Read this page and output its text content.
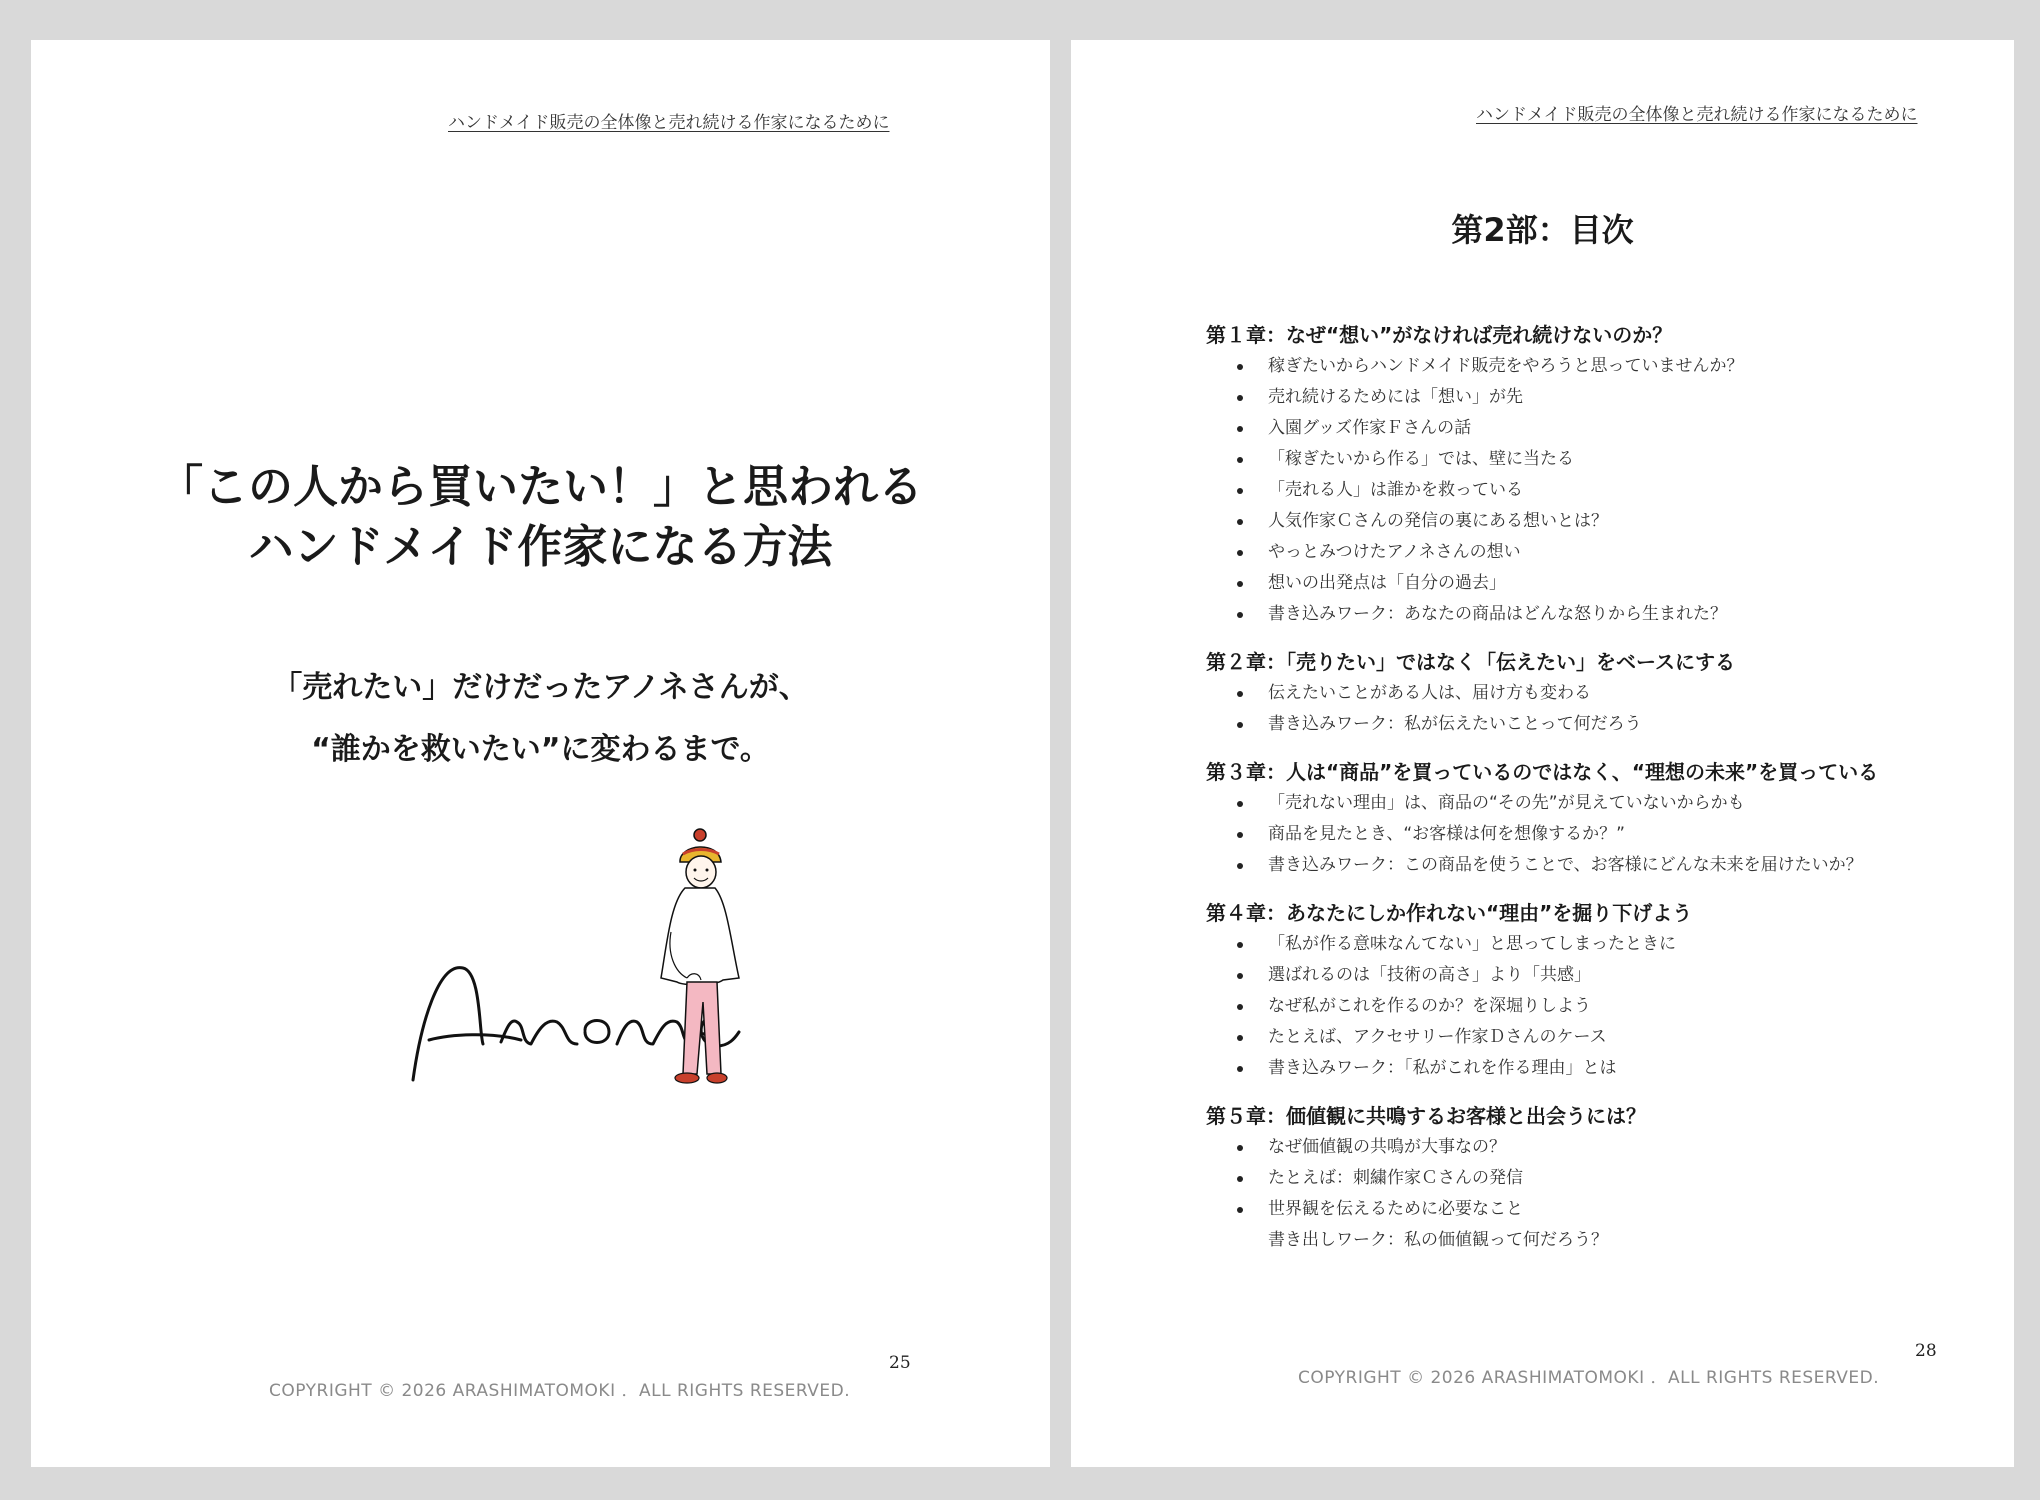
ハンドメイド販売の全体像と売れ続ける作家になるために
「この人から買いたい！」と思われる
ハンドメイド作家になる方法
「売れたい」だけだったアノネさんが、
“誰かを救いたい”に変わるまで。
25
COPYRIGHT © 2026 ARASHIMATOMOKI ．ALL RIGHTS RESERVED.
ハンドメイド販売の全体像と売れ続ける作家になるために
第2部：目次
第１章：なぜ“想い”がなければ売れ続けないのか？
稼ぎたいからハンドメイド販売をやろうと思っていませんか？
売れ続けるためには「想い」が先
入園グッズ作家Ｆさんの話
「稼ぎたいから作る」では、壁に当たる
「売れる人」は誰かを救っている
人気作家Ｃさんの発信の裏にある想いとは？
やっとみつけたアノネさんの想い
想いの出発点は「自分の過去」
書き込みワーク：あなたの商品はどんな怒りから生まれた？
第２章：「売りたい」ではなく「伝えたい」をベースにする
伝えたいことがある人は、届け方も変わる
書き込みワーク：私が伝えたいことって何だろう
第３章：人は“商品”を買っているのではなく、“理想の未来”を買っている
「売れない理由」は、商品の“その先”が見えていないからかも
商品を見たとき、“お客様は何を想像するか？”
書き込みワーク：この商品を使うことで、お客様にどんな未来を届けたいか？
第４章：あなたにしか作れない“理由”を掘り下げよう
「私が作る意味なんてない」と思ってしまったときに
選ばれるのは「技術の高さ」より「共感」
なぜ私がこれを作るのか？を深堀りしよう
たとえば、アクセサリー作家Ｄさんのケース
書き込みワーク：「私がこれを作る理由」とは
第５章：価値観に共鳴するお客様と出会うには？
なぜ価値観の共鳴が大事なの？
たとえば：刺繍作家Ｃさんの発信
世界観を伝えるために必要なこと
書き出しワーク：私の価値観って何だろう？
28
COPYRIGHT © 2026 ARASHIMATOMOKI ．ALL RIGHTS RESERVED.
